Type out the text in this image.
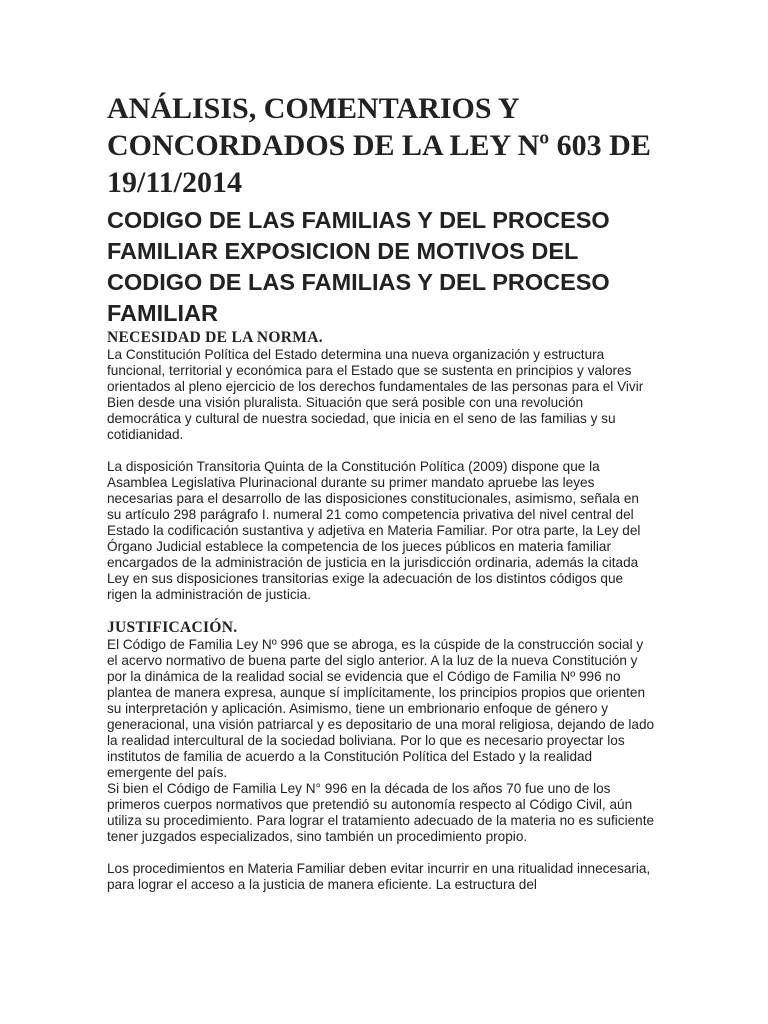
ANÁLISIS, COMENTARIOS Y CONCORDADOS DE LA LEY Nº 603 DE 19/11/2014
CODIGO DE LAS FAMILIAS Y DEL PROCESO FAMILIAR EXPOSICION DE MOTIVOS DEL CODIGO DE LAS FAMILIAS Y DEL PROCESO FAMILIAR
NECESIDAD DE LA NORMA.

La Constitución Política del Estado determina una nueva organización y estructura funcional, territorial y económica para el Estado que se sustenta en principios y valores orientados al pleno ejercicio de los derechos fundamentales de las personas para el Vivir Bien desde una visión pluralista. Situación que será posible con una revolución democrática y cultural de nuestra sociedad, que inicia en el seno de las familias y su cotidianidad.

La disposición Transitoria Quinta de la Constitución Política (2009) dispone que la Asamblea Legislativa Plurinacional durante su primer mandato apruebe las leyes necesarias para el desarrollo de las disposiciones constitucionales, asimismo, señala en su artículo 298 parágrafo I. numeral 21 como competencia privativa del nivel central del Estado la codificación sustantiva y adjetiva en Materia Familiar. Por otra parte, la Ley del Órgano Judicial establece la competencia de los jueces públicos en materia familiar encargados de la administración de justicia en la jurisdicción ordinaria, además la citada Ley en sus disposiciones transitorias exige la adecuación de los distintos códigos que rigen la administración de justicia.

JUSTIFICACIÓN.

El Código de Familia Ley Nº 996 que se abroga, es la cúspide de la construcción social y el acervo normativo de buena parte del siglo anterior. A la luz de la nueva Constitución y por la dinámica de la realidad social se evidencia que el Código de Familia Nº 996 no plantea de manera expresa, aunque sí implícitamente, los principios propios que orienten su interpretación y aplicación. Asimismo, tiene un embrionario enfoque de género y generacional, una visión patriarcal y es depositario de una moral religiosa, dejando de lado la realidad intercultural de la sociedad boliviana. Por lo que es necesario proyectar los institutos de familia de acuerdo a la Constitución Política del Estado y la realidad emergente del país.

Si bien el Código de Familia Ley N° 996 en la década de los años 70 fue uno de los primeros cuerpos normativos que pretendió su autonomía respecto al Código Civil, aún utiliza su procedimiento. Para lograr el tratamiento adecuado de la materia no es suficiente tener juzgados especializados, sino también un procedimiento propio.

Los procedimientos en Materia Familiar deben evitar incurrir en una ritualidad innecesaria, para lograr el acceso a la justicia de manera eficiente. La estructura del
